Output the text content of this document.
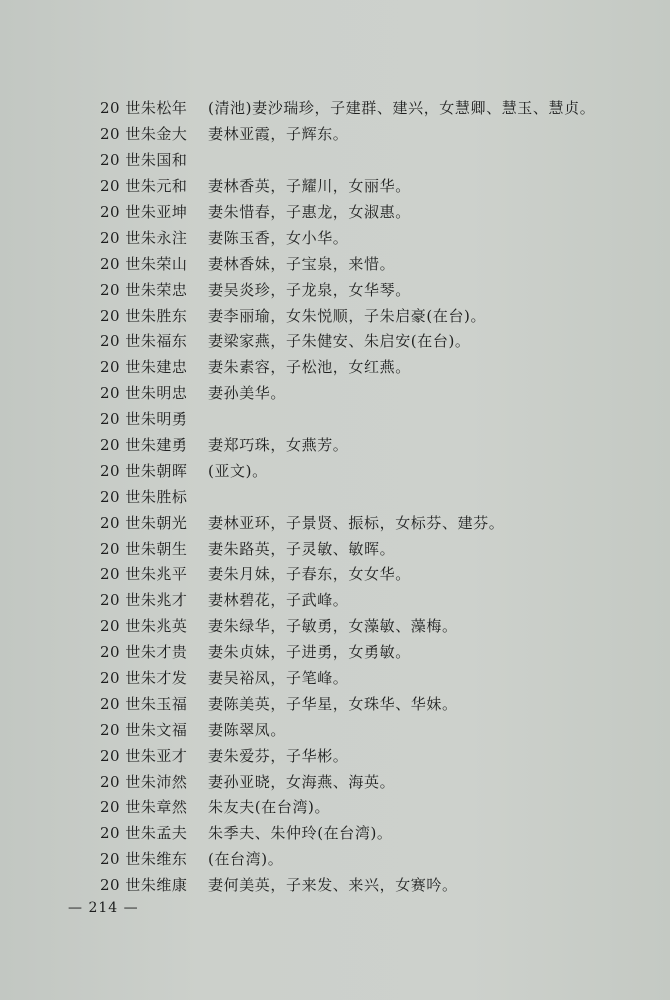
20 世朱松年	(清池)妻沙瑞珍，子建群、建兴，女慧卿、慧玉、慧贞。
20 世朱金大	妻林亚霞，子辉东。
20 世朱国和
20 世朱元和	妻林香英，子耀川，女丽华。
20 世朱亚坤	妻朱惜春，子惠龙，女淑惠。
20 世朱永注	妻陈玉香，女小华。
20 世朱荣山	妻林香妹，子宝泉，来惜。
20 世朱荣忠	妻吴炎珍，子龙泉，女华琴。
20 世朱胜东	妻李丽瑜，女朱悦顺，子朱启豪(在台)。
20 世朱福东	妻梁家燕，子朱健安、朱启安(在台)。
20 世朱建忠	妻朱素容，子松池，女红燕。
20 世朱明忠	妻孙美华。
20 世朱明勇
20 世朱建勇	妻郑巧珠，女燕芳。
20 世朱朝晖	(亚文)。
20 世朱胜标
20 世朱朝光	妻林亚环，子景贤、振标，女标芬、建芬。
20 世朱朝生	妻朱路英，子灵敏、敏晖。
20 世朱兆平	妻朱月妹，子春东，女女华。
20 世朱兆才	妻林碧花，子武峰。
20 世朱兆英	妻朱绿华，子敏勇，女藻敏、藻梅。
20 世朱才贵	妻朱贞妹，子进勇，女勇敏。
20 世朱才发	妻吴裕凤，子笔峰。
20 世朱玉福	妻陈美英，子华星，女珠华、华妹。
20 世朱文福	妻陈翠凤。
20 世朱亚才	妻朱爱芬，子华彬。
20 世朱沛然	妻孙亚晓，女海燕、海英。
20 世朱章然	朱友夫(在台湾)。
20 世朱孟夫	朱季夫、朱仲玲(在台湾)。
20 世朱维东	(在台湾)。
20 世朱维康	妻何美英，子来发、来兴，女赛吟。
— 214 —
